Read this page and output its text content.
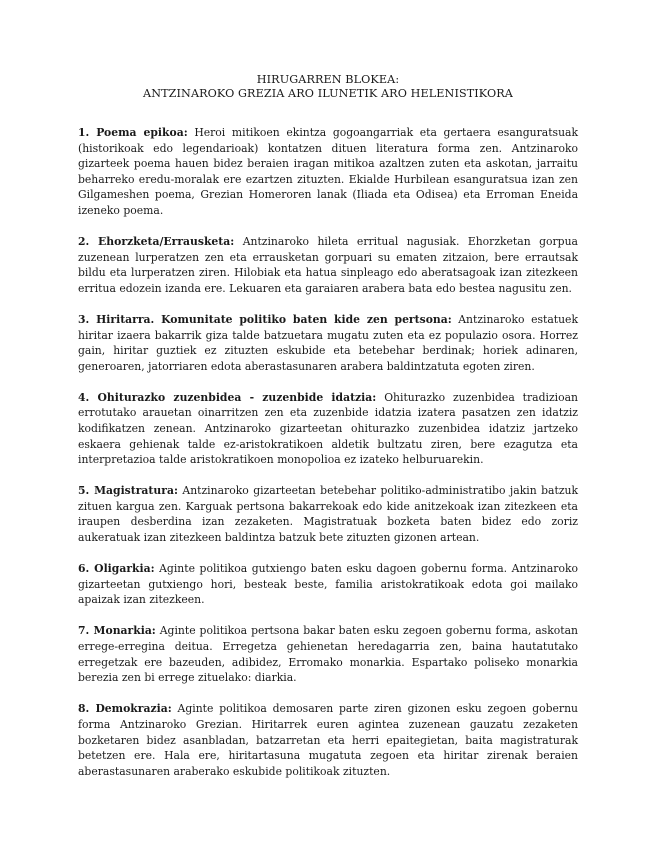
HIRUGARREN BLOKEA:
ANTZINAROKO GREZIA ARO ILUNETIK ARO HELENISTIKORA

1. Poema epikoa: Heroi mitikoen ekintza gogoangarriak eta gertaera esanguratsuak (historikoak edo legendarioak) kontatzen dituen literatura forma zen. Antzinaroko gizarteek poema hauen bidez beraien iragan mitikoa azaltzen zuten eta askotan, jarraitu beharreko eredu-moralak ere ezartzen zituzten. Ekialde Hurbilean esanguratsua izan zen Gilgameshen poema, Grezian Homeroren lanak (Iliada eta Odisea) eta Erroman Eneida izeneko poema.

2. Ehorzketa/Errausketa: Antzinaroko hileta erritual nagusiak. Ehorzketan gorpua zuzenean lurperatzen zen eta errausketan gorpuari su ematen zitzaion, bere errautsak bildu eta lurperatzen ziren. Hilobiak eta hatua sinpleago edo aberatsagoak izan zitezkeen erritua edozein izanda ere. Lekuaren eta garaiaren arabera bata edo bestea nagusitu zen.

3. Hiritarra. Komunitate politiko baten kide zen pertsona: Antzinaroko estatuek hiritar izaera bakarrik giza talde batzuetara mugatu zuten eta ez populazio osora. Horrez gain, hiritar guztiek ez zituzten eskubide eta betebehar berdinak; horiek adinaren, generoaren, jatorriaren edota aberastasunaren arabera baldintzatuta egoten ziren.

4. Ohiturazko zuzenbidea - zuzenbide idatzia: Ohiturazko zuzenbidea tradizioan errotutako arauetan oinarritzen zen eta zuzenbide idatzia izatera pasatzen zen idatziz kodifikatzen zenean. Antzinaroko gizarteetan ohiturazko zuzenbidea idatziz jartzeko eskaera gehienak talde ez-aristokratikoen aldetik bultzatu ziren, bere ezagutza eta interpretazioa talde aristokratikoen monopolioa ez izateko helburuarekin.

5. Magistratura: Antzinaroko gizarteetan betebehar politiko-administratibo jakin batzuk zituen kargua zen. Karguak pertsona bakarrekoak edo kide anitzekoak izan zitezkeen eta iraupen desberdina izan zezaketen. Magistratuak bozketa baten bidez edo zoriz aukeratuak izan zitezkeen baldintza batzuk bete zituzten gizonen artean.

6. Oligarkia: Aginte politikoa gutxiengo baten esku dagoen gobernu forma. Antzinaroko gizarteetan gutxiengo hori, besteak beste, familia aristokratikoak edota goi mailako apaizak izan zitezkeen.

7. Monarkia: Aginte politikoa pertsona bakar baten esku zegoen gobernu forma, askotan errege-erregina deitua. Erregetza gehienetan heredagarria zen, baina hautatutako erregetzak ere bazeuden, adibidez, Erromako monarkia. Espartako poliseko monarkia berezia zen bi errege zituelako: diarkia.

8. Demokrazia: Aginte politikoa demosaren parte ziren gizonen esku zegoen gobernu forma Antzinaroko Grezian. Hiritarrek euren agintea zuzenean gauzatu zezaketen bozketaren bidez asanbladan, batzarretan eta herri epaitegietan, baita magistraturak betetzen ere. Hala ere, hiritartasuna mugatuta zegoen eta hiritar zirenak beraien aberastasunaren araberako eskubide politikoak zituzten.
